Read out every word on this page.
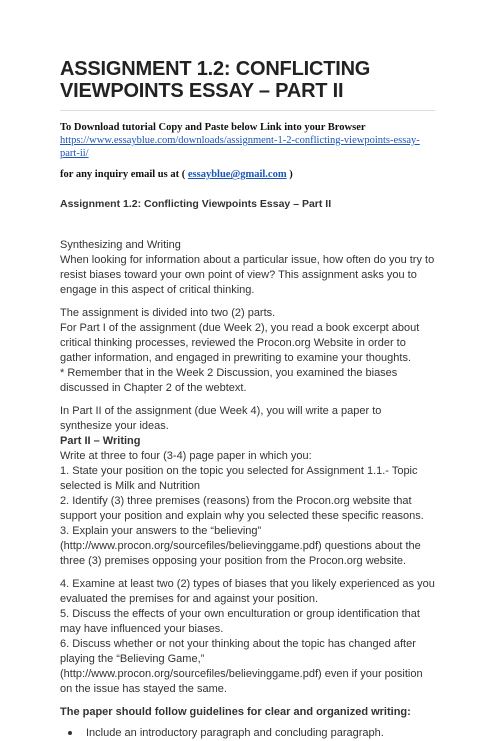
ASSIGNMENT 1.2: CONFLICTING
VIEWPOINTS ESSAY – PART II
To Download tutorial Copy and Paste below Link into your Browser
https://www.essayblue.com/downloads/assignment-1-2-conflicting-viewpoints-essay-part-ii/
for any inquiry email us at ( essayblue@gmail.com )

Assignment 1.2: Conflicting Viewpoints Essay – Part II

Synthesizing and Writing

When looking for information about a particular issue, how often do you try to resist biases toward your own point of view? This assignment asks you to engage in this aspect of critical thinking.

The assignment is divided into two (2) parts.

For Part I of the assignment (due Week 2), you read a book excerpt about critical thinking processes, reviewed the Procon.org Website in order to gather information, and engaged in prewriting to examine your thoughts.

* Remember that in the Week 2 Discussion, you examined the biases discussed in Chapter 2 of the webtext.

In Part II of the assignment (due Week 4), you will write a paper to synthesize your ideas.

Part II – Writing

Write at three to four (3-4) page paper in which you:

1. State your position on the topic you selected for Assignment 1.1.- Topic selected is Milk and Nutrition

2. Identify (3) three premises (reasons) from the Procon.org website that support your position and explain why you selected these specific reasons.

3. Explain your answers to the “believing” (http://www.procon.org/sourcefiles/believinggame.pdf) questions about the three (3) premises opposing your position from the Procon.org website.

4. Examine at least two (2) types of biases that you likely experienced as you evaluated the premises for and against your position.

5. Discuss the effects of your own enculturation or group identification that may have influenced your biases.

6. Discuss whether or not your thinking about the topic has changed after playing the “Believing Game,” (http://www.procon.org/sourcefiles/believinggame.pdf) even if your position on the issue has stayed the same.

The paper should follow guidelines for clear and organized writing:

Include an introductory paragraph and concluding paragraph.
